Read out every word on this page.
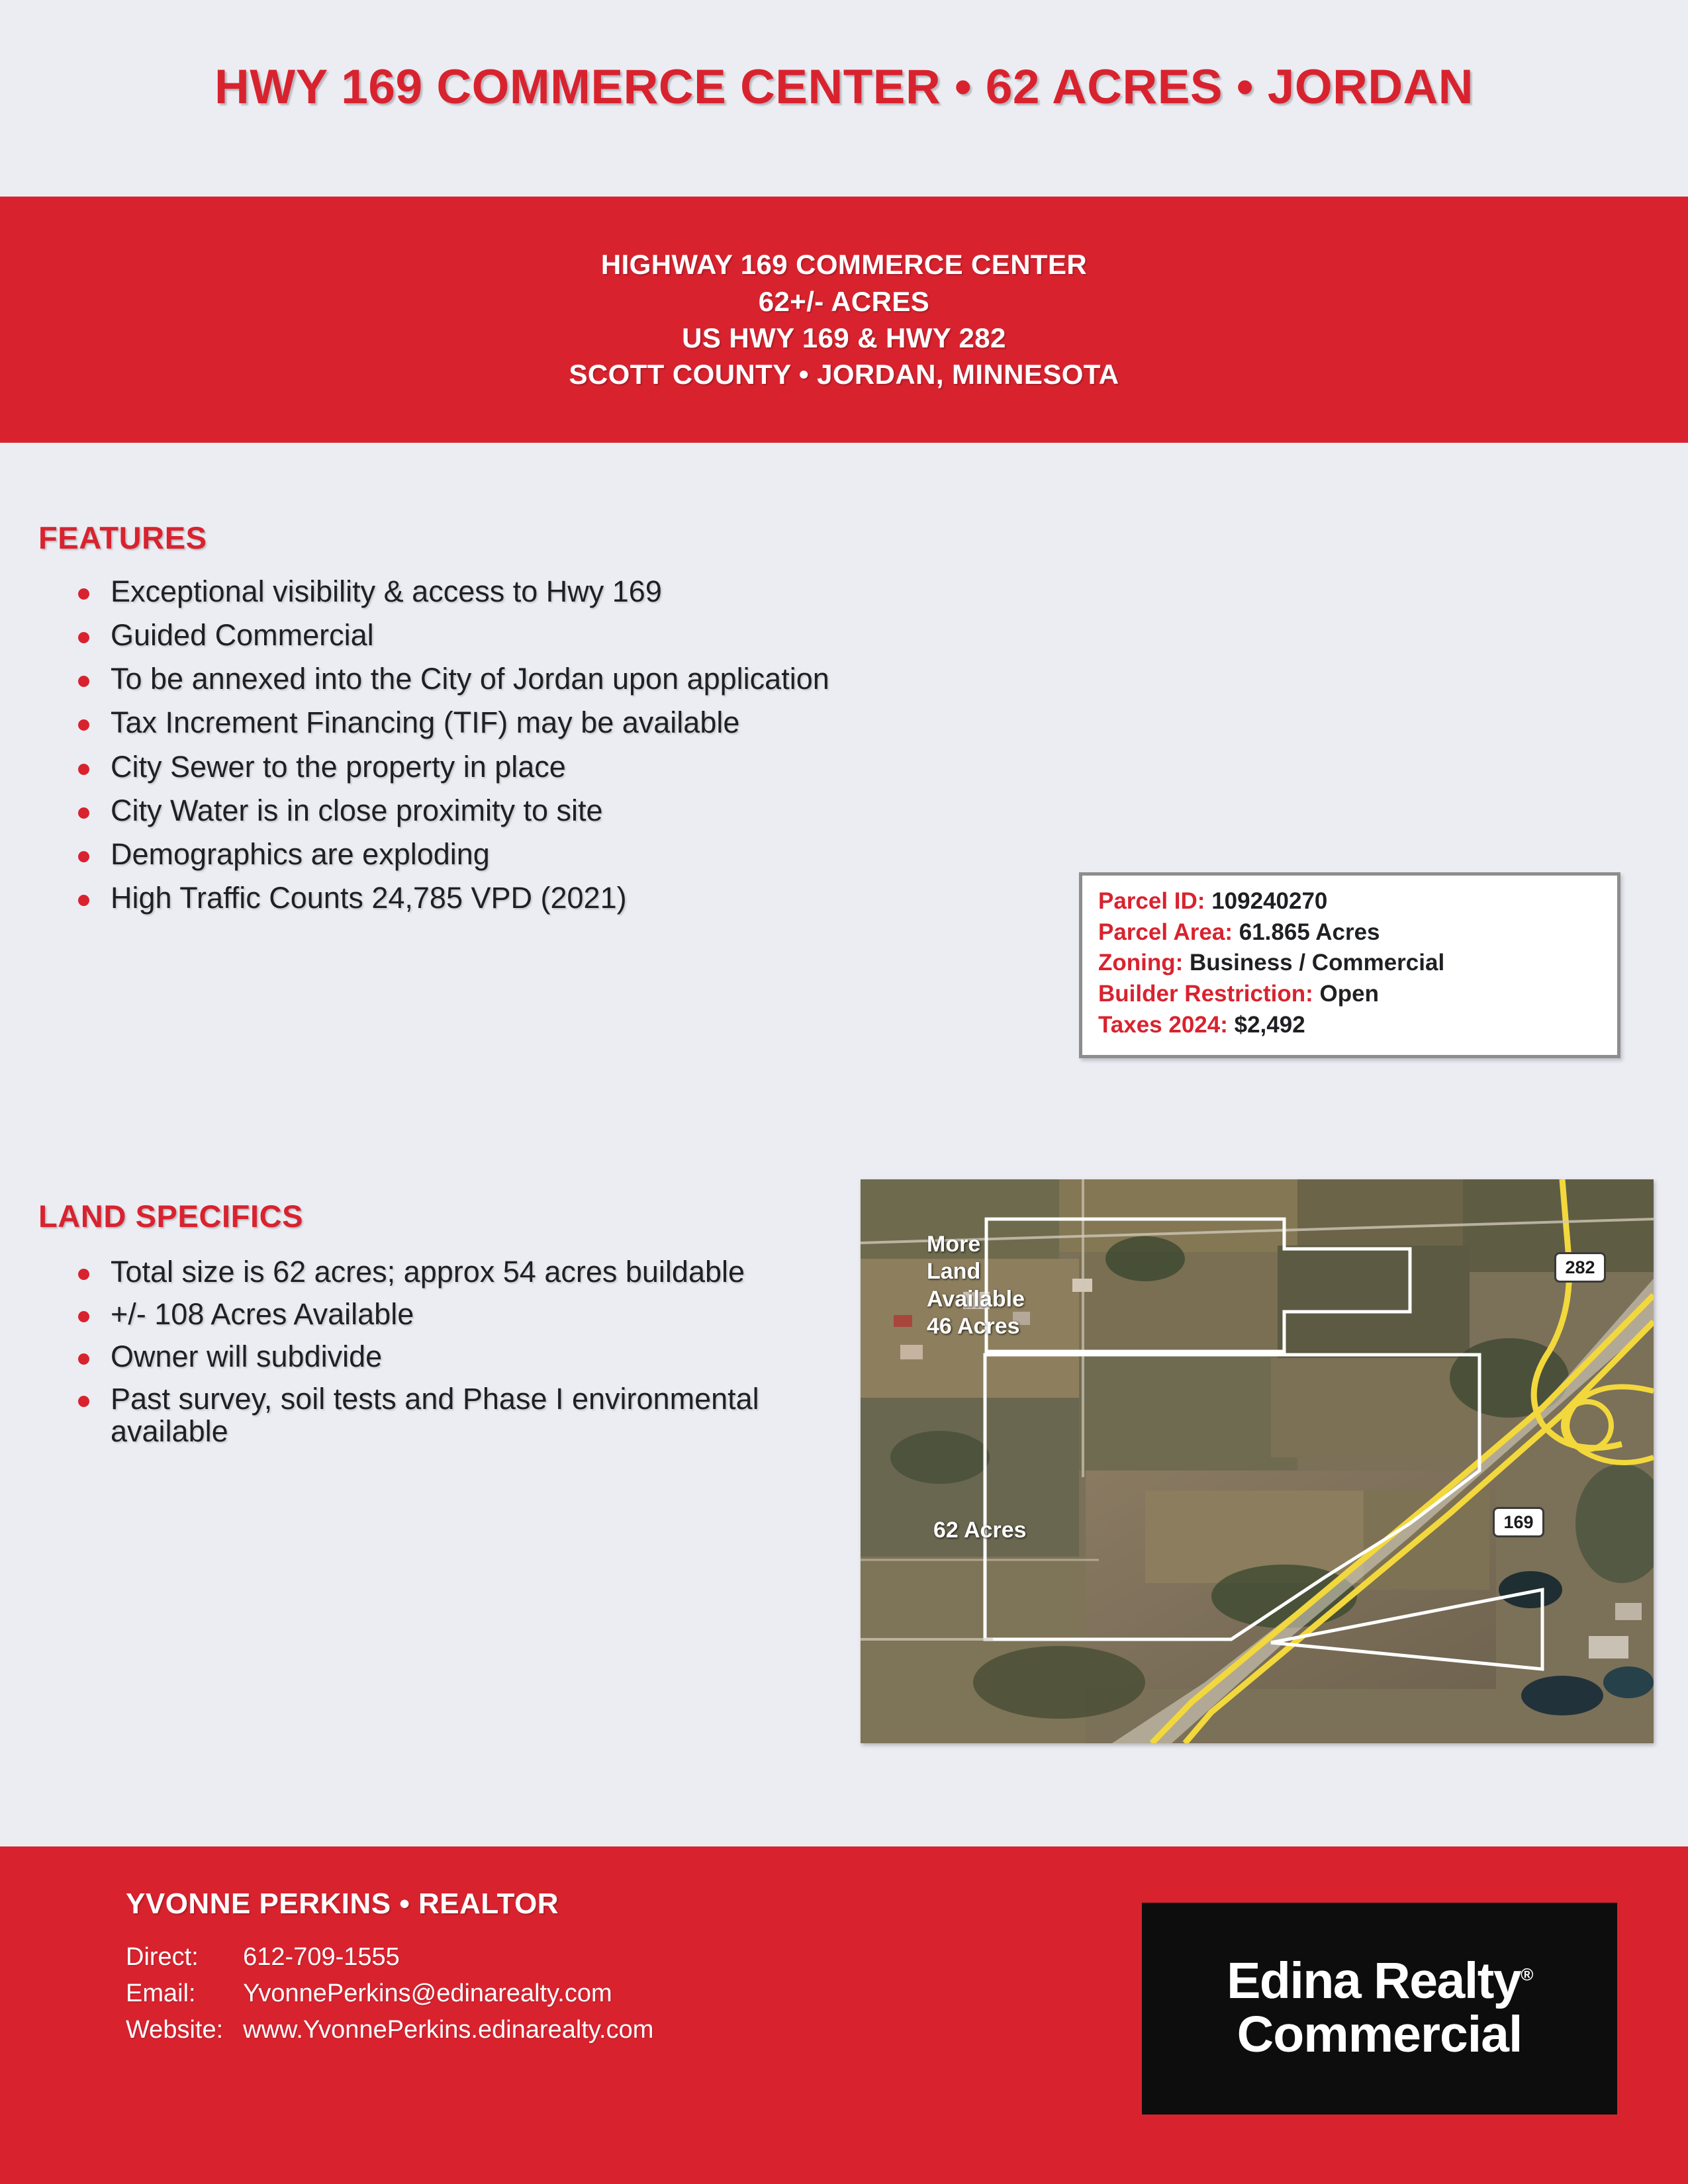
HWY 169 COMMERCE CENTER • 62 ACRES • JORDAN
HIGHWAY 169 COMMERCE CENTER
62+/- ACRES
US HWY 169 & HWY 282
SCOTT COUNTY • JORDAN, MINNESOTA
FEATURES
Exceptional visibility & access to Hwy 169
Guided Commercial
To be annexed into the City of Jordan upon application
Tax Increment Financing (TIF) may be available
City Sewer to the property in place
City Water is in close proximity to site
Demographics are exploding
High Traffic Counts 24,785 VPD (2021)
LAND SPECIFICS
Total size is 62 acres; approx 54 acres buildable
+/- 108 Acres Available
Owner will subdivide
Past survey, soil tests and Phase I environmental available
Parcel ID: 109240270
Parcel Area: 61.865 Acres
Zoning: Business / Commercial
Builder Restriction: Open
Taxes 2024: $2,492
More
Land
Available
46 Acres
62 Acres
282
169
YVONNE PERKINS • REALTOR
Direct:	612-709-1555
Email:	YvonnePerkins@edinarealty.com
Website:	www.YvonnePerkins.edinarealty.com
Edina Realty®
Commercial
